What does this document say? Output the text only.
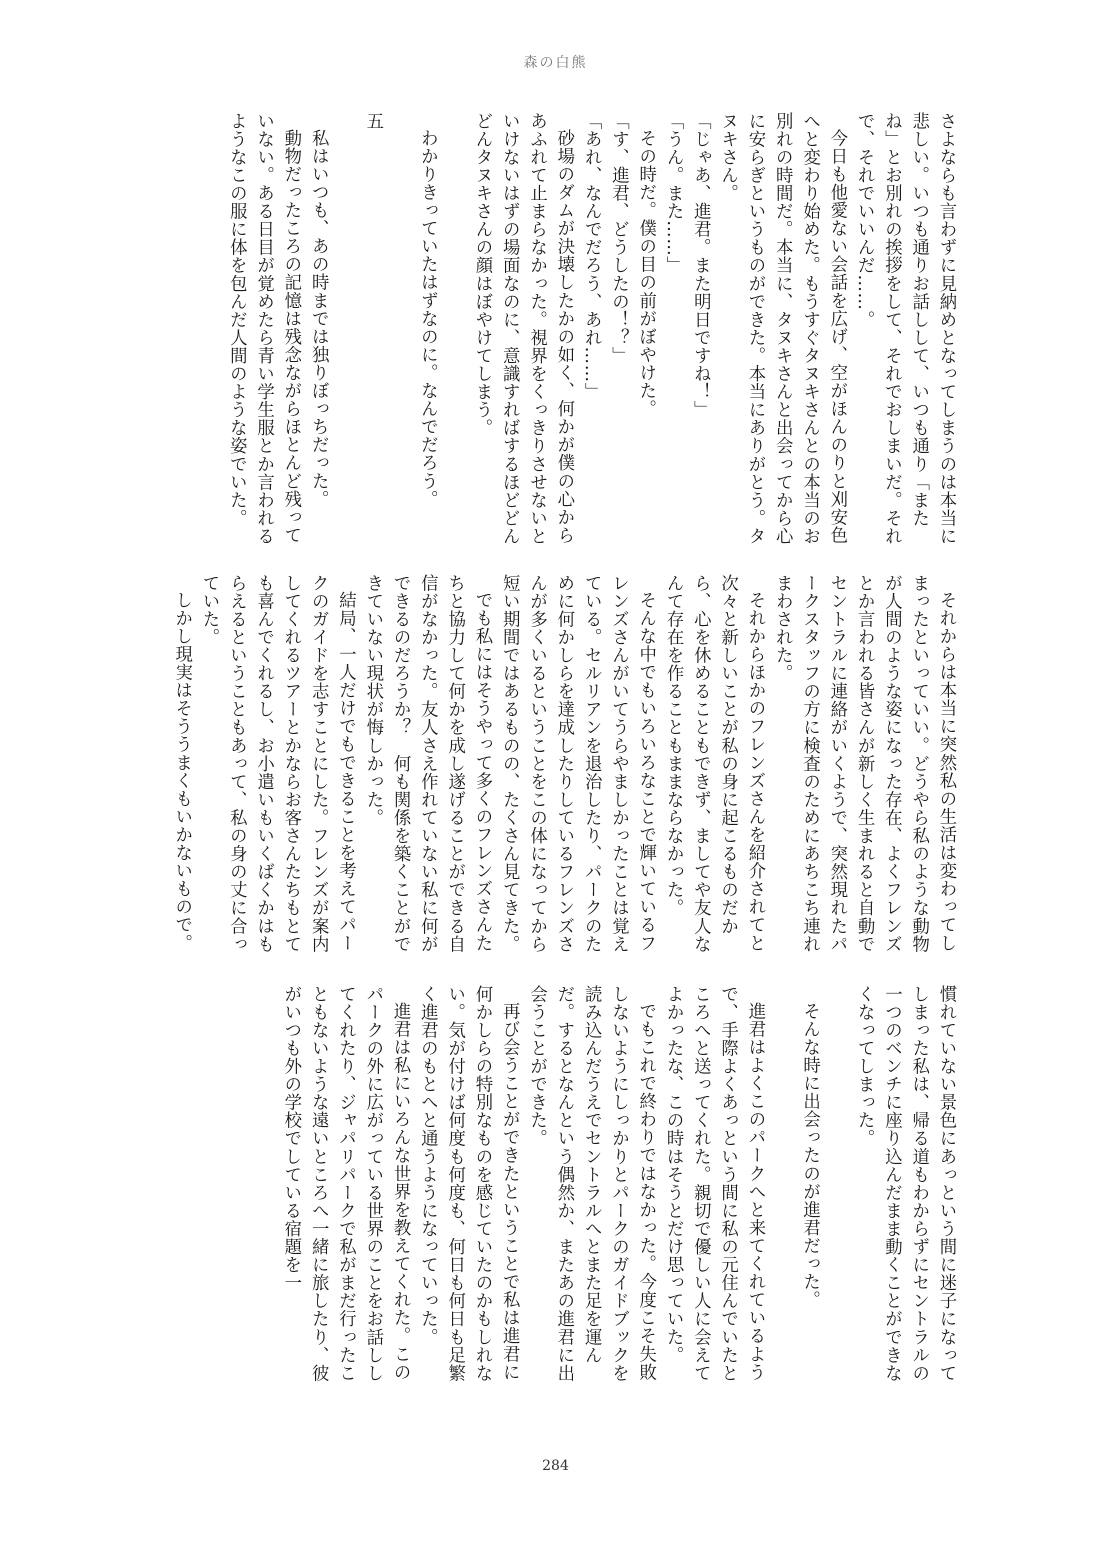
森の白熊

さよならも言わずに見納めとなってしまうのは本当に悲しい。いつも通りお話しして、いつも通り「またね」とお別れの挨拶をして、それでおしまいだ。それで、それでいいんだ……。

今日も他愛ない会話を広げ、空がほんのりと刈安色へと変わり始めた。もうすぐタヌキさんとの本当のお別れの時間だ。本当に、タヌキさんと出会ってから心に安らぎというものができた。本当にありがとう。タヌキさん。

「じゃあ、進君。また明日ですね！」

「うん。また……」

その時だ。僕の目の前がぼやけた。

「す、進君、どうしたの！？」

「あれ、なんでだろう、あれ……」

砂場のダムが決壊したかの如く、何かが僕の心からあふれて止まらなかった。視界をくっきりさせないといけないはずの場面なのに、意識すればするほどどんどんタヌキさんの顔はぼやけてしまう。

わかりきっていたはずなのに。なんでだろう。

五

私はいつも、あの時までは独りぼっちだった。

動物だったころの記憶は残念ながらほとんど残っていない。ある日目が覚めたら青い学生服とか言われるようなこの服に体を包んだ人間のような姿でいた。

それからは本当に突然私の生活は変わってしまったといっていい。どうやら私のような動物が人間のような姿になった存在、よくフレンズとか言われる皆さんが新しく生まれると自動でセントラルに連絡がいくようで、突然現れたパークスタッフの方に検査のためにあちこち連れまわされた。

それからほかのフレンズさんを紹介されてと次々と新しいことが私の身に起こるものだから、心を休めることもできず、ましてや友人なんて存在を作ることもままならなかった。

そんな中でもいろいろなことで輝いているフレンズさんがいてうらやましかったことは覚えている。セルリアンを退治したり、パークのために何かしらを達成したりしているフレンズさんが多くいるということをこの体になってから短い期間ではあるものの、たくさん見てきた。

でも私にはそうやって多くのフレンズさんたちと協力して何かを成し遂げることができる自信がなかった。友人さえ作れていない私に何ができるのだろうか？　何も関係を築くことができていない現状が悔しかった。

結局、一人だけでもできることを考えてパークのガイドを志すことにした。フレンズが案内してくれるツアーとかならお客さんたちもとても喜んでくれるし、お小遣いもいくばくかはもらえるということもあって、私の身の丈に合っていた。

しかし現実はそううまくもいかないもので。

慣れていない景色にあっという間に迷子になってしまった私は、帰る道もわからずにセントラルの一つのベンチに座り込んだまま動くことができなくなってしまった。

そんな時に出会ったのが進君だった。

進君はよくこのパークへと来てくれているようで、手際よくあっという間に私の元住んでいたところへと送ってくれた。親切で優しい人に会えてよかったな、この時はそうとだけ思っていた。

でもこれで終わりではなかった。今度こそ失敗しないようにしっかりとパークのガイドブックを読み込んだうえでセントラルへとまた足を運んだ。するとなんという偶然か、またあの進君に出会うことができた。

再び会うことができたということで私は進君に何かしらの特別なものを感じていたのかもしれない。気が付けば何度も何度も、何日も何日も足繁く進君のもとへと通うようになっていった。

進君は私にいろんな世界を教えてくれた。このパークの外に広がっている世界のことをお話ししてくれたり、ジャパリパークで私がまだ行ったこともないような遠いところへ一緒に旅したり、彼がいつも外の学校でしている宿題を一

284
